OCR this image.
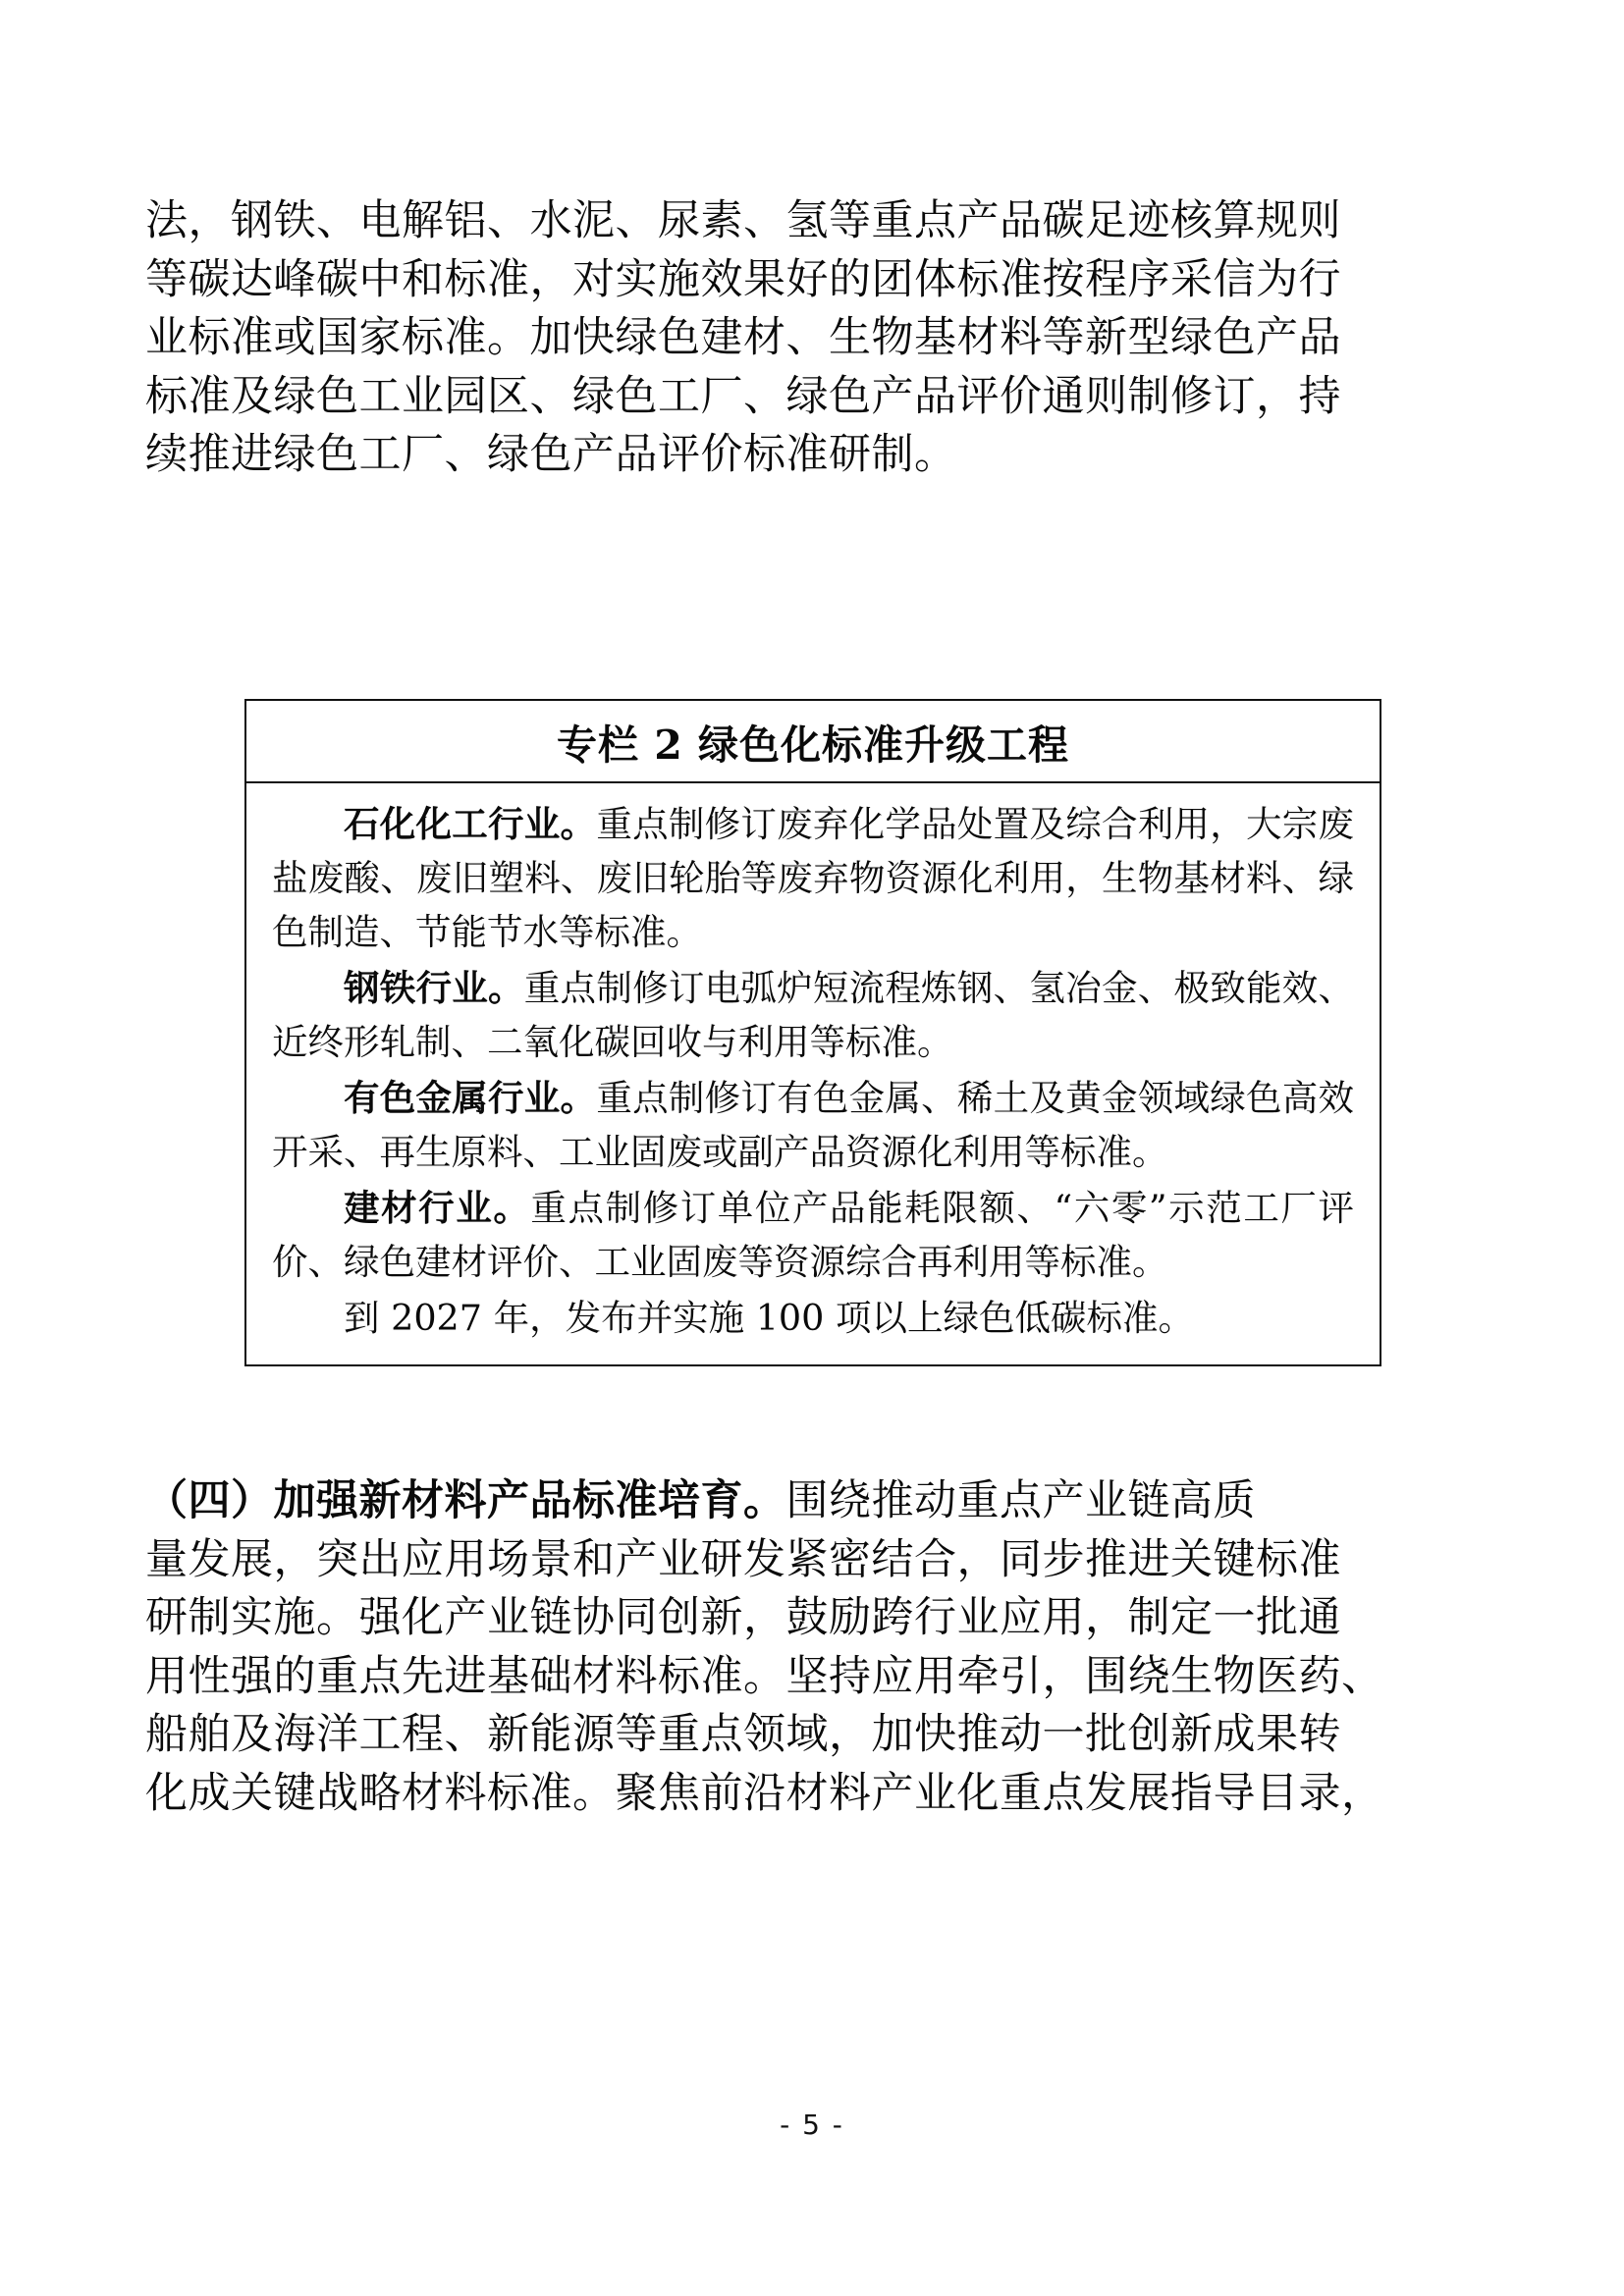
法，钢铁、电解铝、水泥、尿素、氢等重点产品碳足迹核算规则
等碳达峰碳中和标准，对实施效果好的团体标准按程序采信为行
业标准或国家标准。加快绿色建材、生物基材料等新型绿色产品
标准及绿色工业园区、绿色工厂、绿色产品评价通则制修订，持
续推进绿色工厂、绿色产品评价标准研制。
专栏 2 绿色化标准升级工程

石化化工行业。重点制修订废弃化学品处置及综合利用，大宗废盐废酸、废旧塑料、废旧轮胎等废弃物资源化利用，生物基材料、绿色制造、节能节水等标准。

钢铁行业。重点制修订电弧炉短流程炼钢、氢冶金、极致能效、近终形轧制、二氧化碳回收与利用等标准。

有色金属行业。重点制修订有色金属、稀土及黄金领域绿色高效开采、再生原料、工业固废或副产品资源化利用等标准。

建材行业。重点制修订单位产品能耗限额、“六零”示范工厂评价、绿色建材评价、工业固废等资源综合再利用等标准。

到 2027 年，发布并实施 100 项以上绿色低碳标准。

（四）加强新材料产品标准培育。围绕推动重点产业链高质
量发展，突出应用场景和产业研发紧密结合，同步推进关键标准
研制实施。强化产业链协同创新，鼓励跨行业应用，制定一批通
用性强的重点先进基础材料标准。坚持应用牵引，围绕生物医药、
船舶及海洋工程、新能源等重点领域，加快推动一批创新成果转
化成关键战略材料标准。聚焦前沿材料产业化重点发展指导目录，
- 5 -
